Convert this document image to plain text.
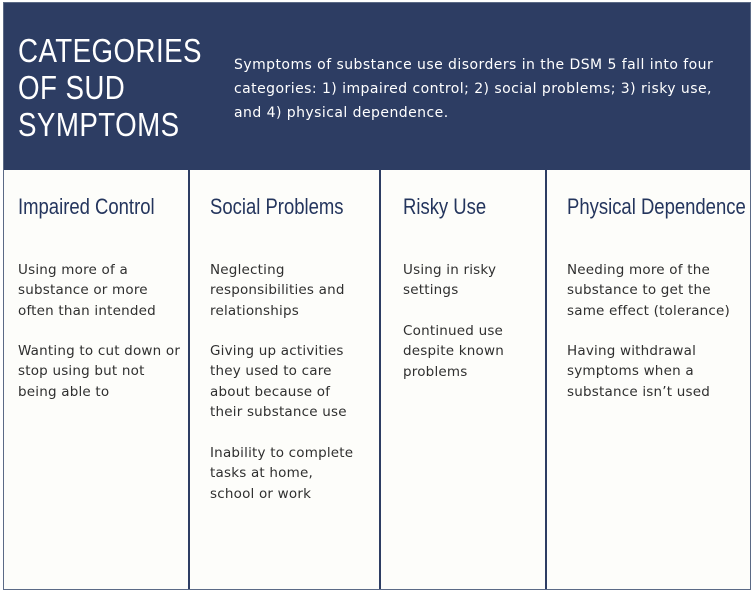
CATEGORIES
OF SUD
SYMPTOMS

Symptoms of substance use disorders in the DSM 5 fall into four
categories: 1) impaired control; 2) social problems; 3) risky use,
and 4) physical dependence.

Impaired Control

Using more of a
substance or more
often than intended

Wanting to cut down or
stop using but not
being able to

Social Problems

Neglecting
responsibilities and
relationships

Giving up activities
they used to care
about because of
their substance use

Inability to complete
tasks at home,
school or work

Risky Use

Using in risky
settings

Continued use
despite known
problems

Physical Dependence

Needing more of the
substance to get the
same effect (tolerance)

Having withdrawal
symptoms when a
substance isn’t used
